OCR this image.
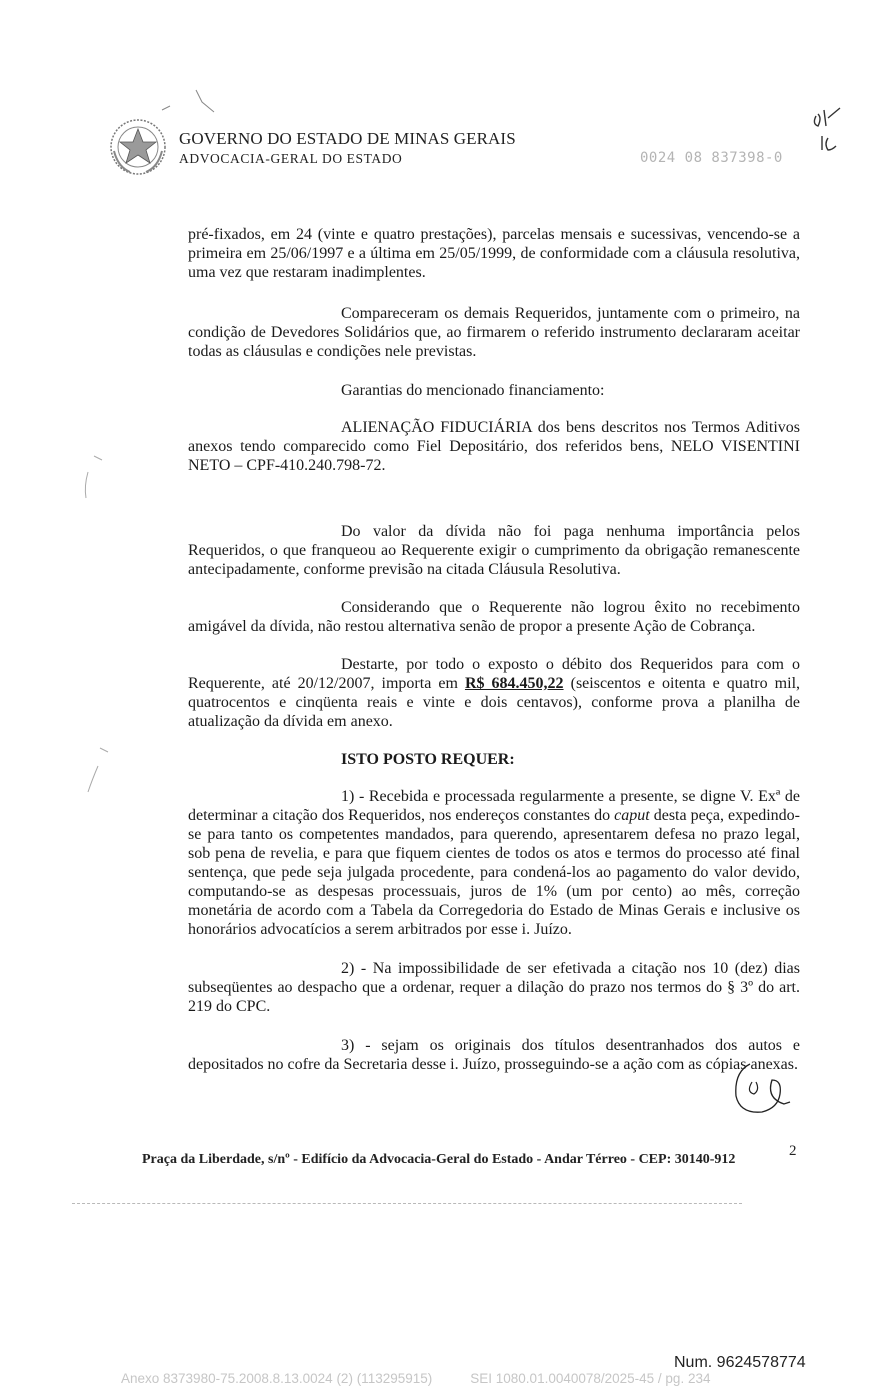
GOVERNO DO ESTADO DE MINAS GERAIS
ADVOCACIA-GERAL DO ESTADO	0024 08 837398-0

pré-fixados, em 24 (vinte e quatro prestações), parcelas mensais e sucessivas, vencendo-se a primeira em 25/06/1997 e a última em 25/05/1999, de conformidade com a cláusula resolutiva, uma vez que restaram inadimplentes.

Compareceram os demais Requeridos, juntamente com o primeiro, na condição de Devedores Solidários que, ao firmarem o referido instrumento declararam aceitar todas as cláusulas e condições nele previstas.

Garantias do mencionado financiamento:

ALIENAÇÃO FIDUCIÁRIA dos bens descritos nos Termos Aditivos anexos tendo comparecido como Fiel Depositário, dos referidos bens, NELO VISENTINI NETO – CPF-410.240.798-72.

Do valor da dívida não foi paga nenhuma importância pelos Requeridos, o que franqueou ao Requerente exigir o cumprimento da obrigação remanescente antecipadamente, conforme previsão na citada Cláusula Resolutiva.

Considerando que o Requerente não logrou êxito no recebimento amigável da dívida, não restou alternativa senão de propor a presente Ação de Cobrança.

Destarte, por todo o exposto o débito dos Requeridos para com o Requerente, até 20/12/2007, importa em R$ 684.450,22 (seiscentos e oitenta e quatro mil, quatrocentos e cinqüenta reais e vinte e dois centavos), conforme prova a planilha de atualização da dívida em anexo.

ISTO POSTO REQUER:

1) - Recebida e processada regularmente a presente, se digne V. Exª de determinar a citação dos Requeridos, nos endereços constantes do caput desta peça, expedindo-se para tanto os competentes mandados, para querendo, apresentarem defesa no prazo legal, sob pena de revelia, e para que fiquem cientes de todos os atos e termos do processo até final sentença, que pede seja julgada procedente, para condená-los ao pagamento do valor devido, computando-se as despesas processuais, juros de 1% (um por cento) ao mês, correção monetária de acordo com a Tabela da Corregedoria do Estado de Minas Gerais e inclusive os honorários advocatícios a serem arbitrados por esse i. Juízo.

2) - Na impossibilidade de ser efetivada a citação nos 10 (dez) dias subseqüentes ao despacho que a ordenar, requer a dilação do prazo nos termos do § 3º do art. 219 do CPC.

3) - sejam os originais dos títulos desentranhados dos autos e depositados no cofre da Secretaria desse i. Juízo, prosseguindo-se a ação com as cópias anexas.

Praça da Liberdade, s/nº - Edifício da Advocacia-Geral do Estado - Andar Térreo - CEP: 30140-912
2
Num. 9624578774
Anexo 8373980-75.2008.8.13.0024 (2) (113295915)	SEI 1080.01.0040078/2025-45 / pg. 234
